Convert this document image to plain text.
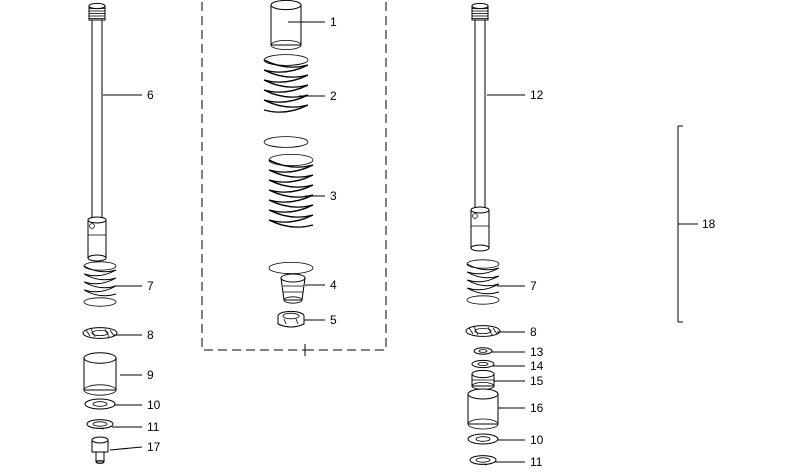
1
2
3
4
5
6
7
8
9
10
11
17
12
7
8
13
14
15
16
10
11
18
